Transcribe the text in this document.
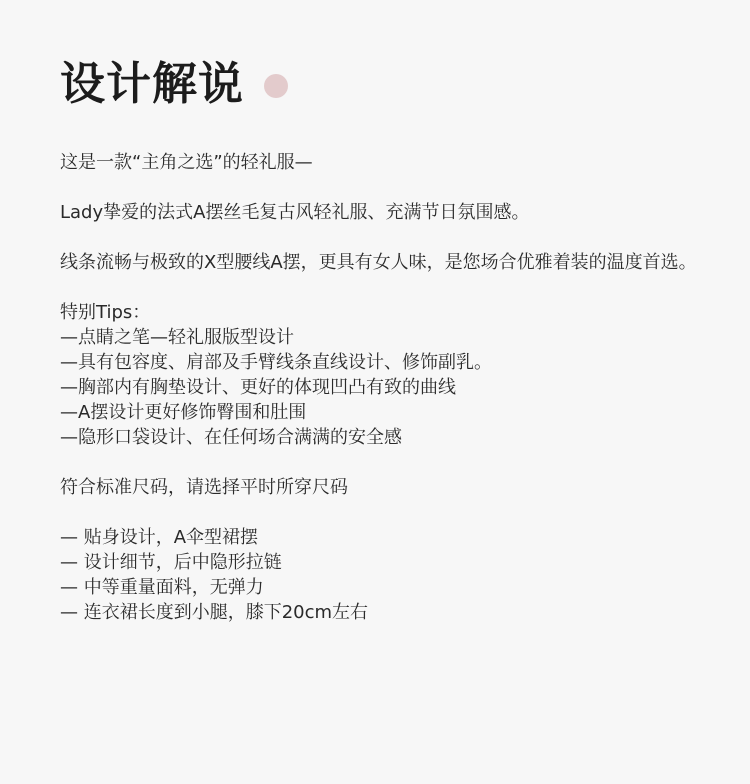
设计解说

这是一款“主角之选”的轻礼服—

Lady挚爱的法式A摆丝毛复古风轻礼服、充满节日氛围感。

线条流畅与极致的X型腰线A摆，更具有女人味，是您场合优雅着装的温度首选。

特别Tips：
—点睛之笔—轻礼服版型设计
—具有包容度、肩部及手臂线条直线设计、修饰副乳。
—胸部内有胸垫设计、更好的体现凹凸有致的曲线
—A摆设计更好修饰臀围和肚围
—隐形口袋设计、在任何场合满满的安全感

符合标准尺码，请选择平时所穿尺码

— 贴身设计，A伞型裙摆
— 设计细节，后中隐形拉链
— 中等重量面料，无弹力
— 连衣裙长度到小腿，膝下20cm左右
